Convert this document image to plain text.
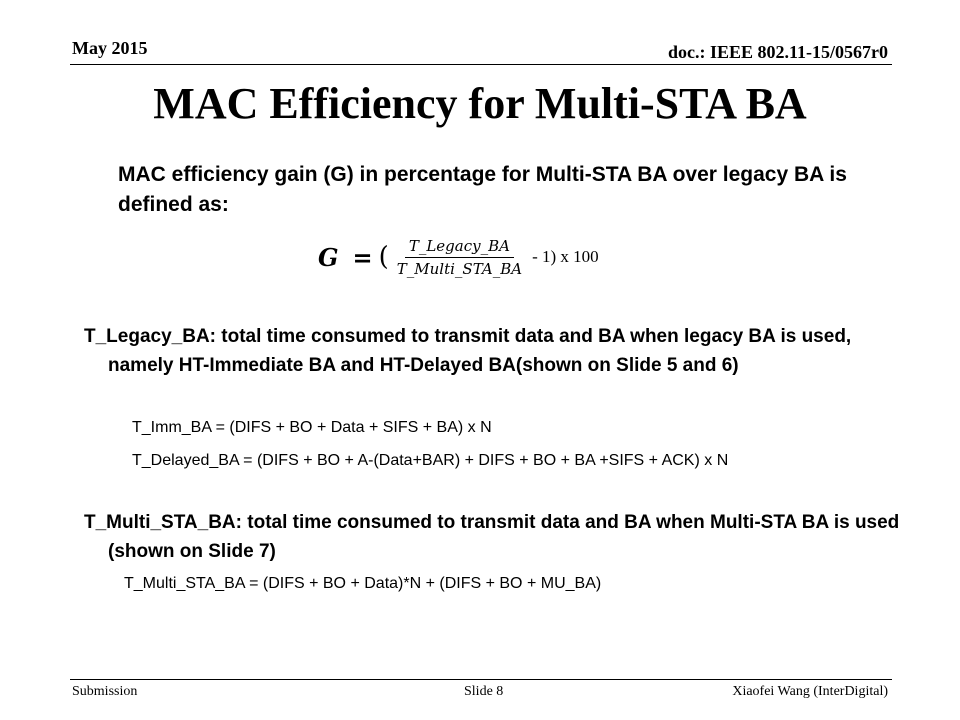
May 2015	doc.: IEEE 802.11-15/0567r0
MAC Efficiency for Multi-STA BA
MAC efficiency gain (G) in percentage for Multi-STA BA over legacy BA is defined as:
G = ( $\frac{\text{T\_Legacy\_BA}}{\text{T\_Multi\_STA\_BA}} - 1$) x 100
T_Legacy_BA: total time consumed to transmit data and BA when legacy BA is used, namely HT-Immediate BA and HT-Delayed BA(shown on Slide 5 and 6)
T_Imm_BA = (DIFS + BO + Data + SIFS + BA) x N
T_Delayed_BA = (DIFS + BO + A-(Data+BAR) + DIFS + BO + BA +SIFS + ACK) x N
T_Multi_STA_BA: total time consumed to transmit data and BA when Multi-STA BA is used (shown on Slide 7)
T_Multi_STA_BA = (DIFS + BO + Data)*N + (DIFS + BO + MU_BA)
Submission	Slide 8	Xiaofei Wang (InterDigital)
